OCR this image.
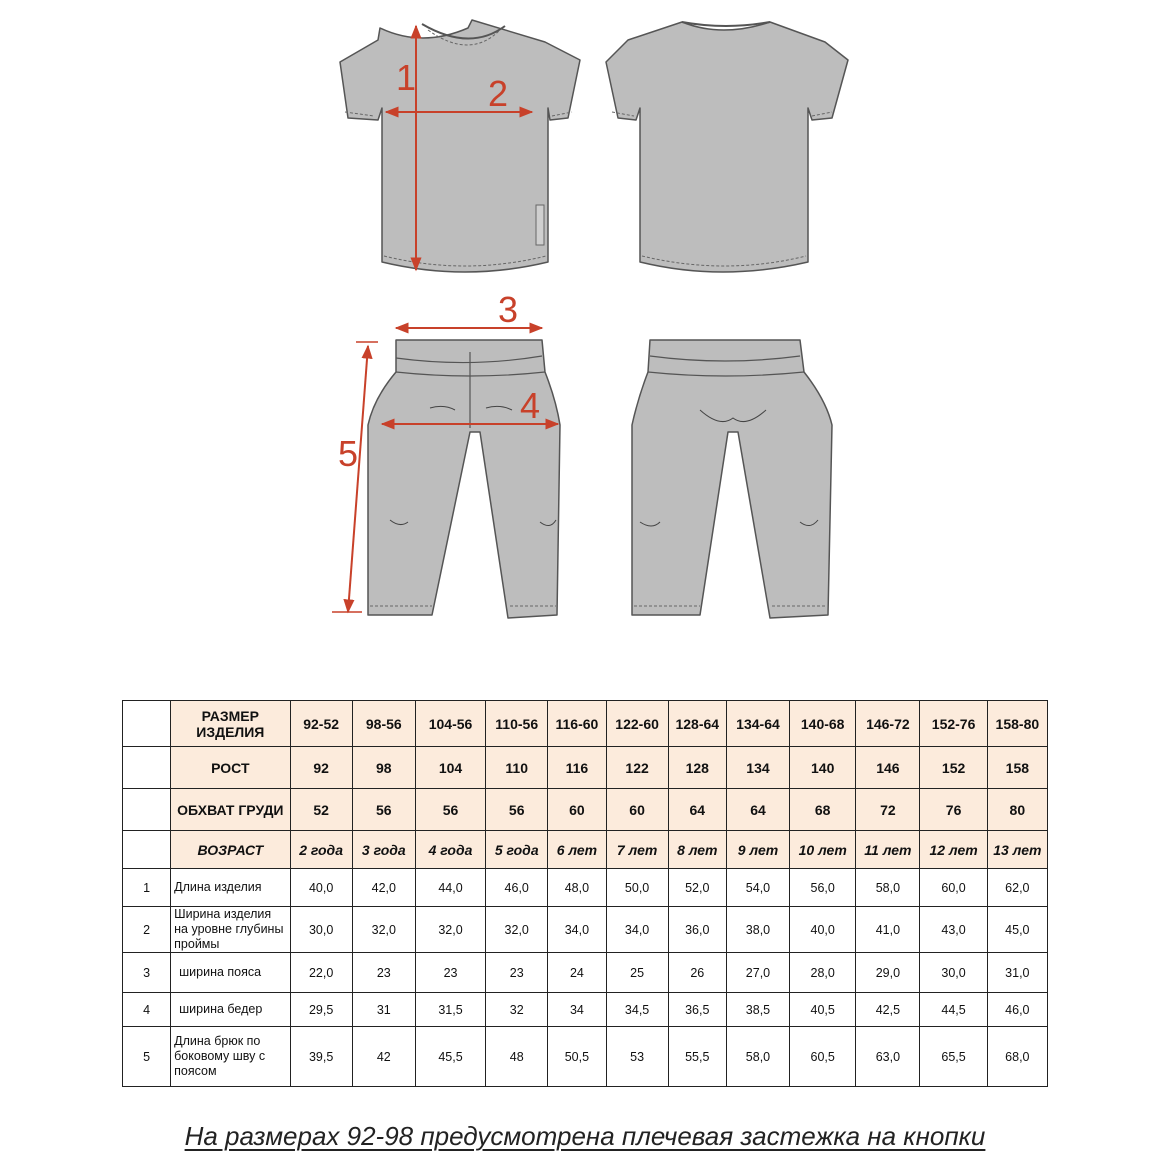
1 2
3
4
5
	РАЗМЕР ИЗДЕЛИЯ	92-52	98-56	104-56	110-56	116-60	122-60	128-64	134-64	140-68	146-72	152-76	158-80
	РОСТ	92	98	104	110	116	122	128	134	140	146	152	158
	ОБХВАТ ГРУДИ	52	56	56	56	60	60	64	64	68	72	76	80
	ВОЗРАСТ	2 года	3 года	4 года	5 года	6 лет	7 лет	8 лет	9 лет	10 лет	11 лет	12 лет	13 лет
1	Длина изделия	40,0	42,0	44,0	46,0	48,0	50,0	52,0	54,0	56,0	58,0	60,0	62,0
2	Ширина изделия на уровне глубины проймы	30,0	32,0	32,0	32,0	34,0	34,0	36,0	38,0	40,0	41,0	43,0	45,0
3	ширина пояса	22,0	23	23	23	24	25	26	27,0	28,0	29,0	30,0	31,0
4	ширина бедер	29,5	31	31,5	32	34	34,5	36,5	38,5	40,5	42,5	44,5	46,0
5	Длина брюк по боковому шву с поясом	39,5	42	45,5	48	50,5	53	55,5	58,0	60,5	63,0	65,5	68,0

На размерах 92-98 предусмотрена плечевая застежка на кнопки
